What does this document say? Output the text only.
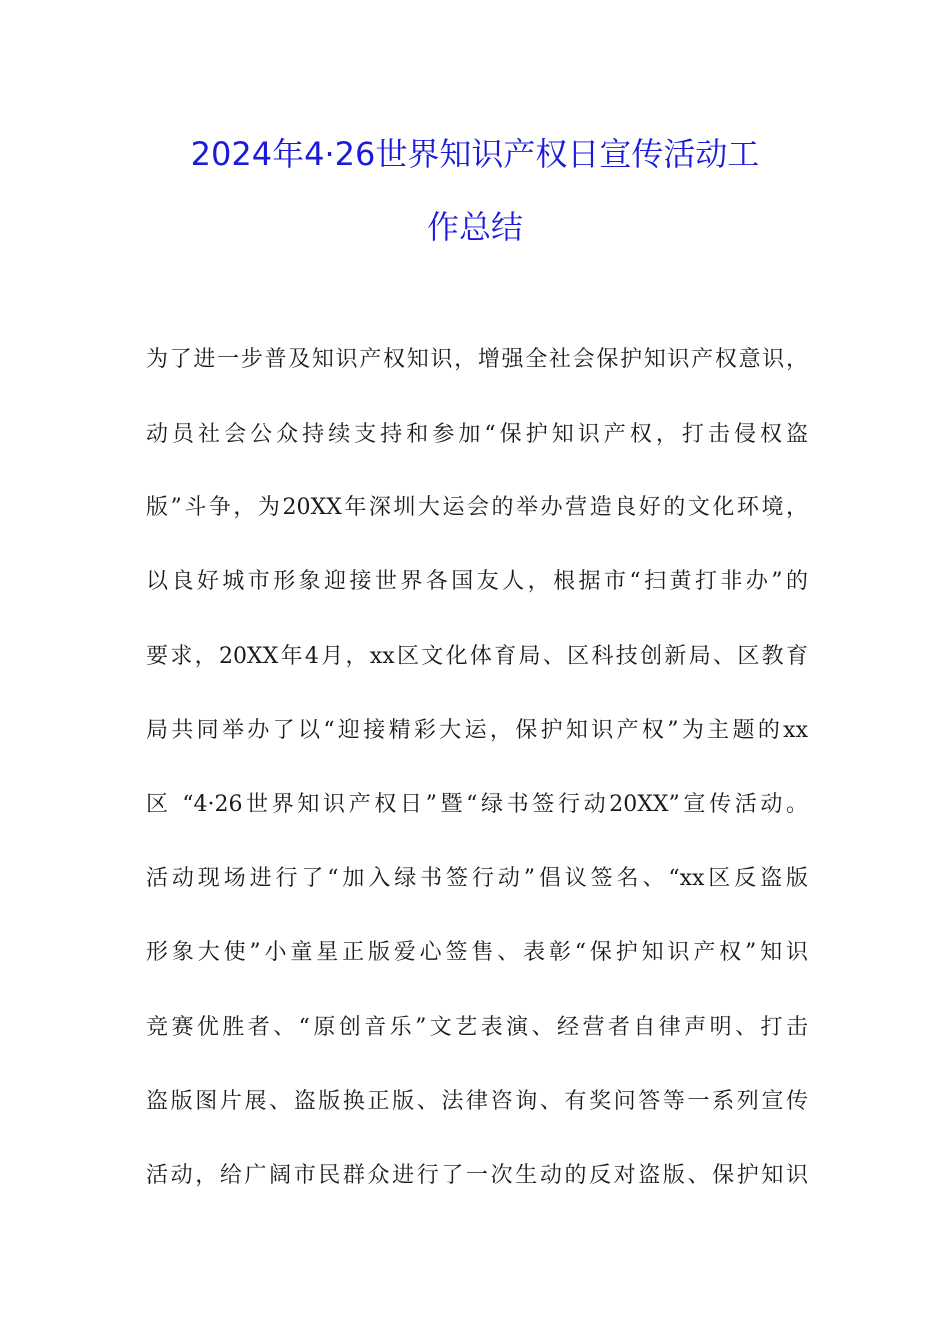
2024年4·26世界知识产权日宣传活动工
作总结
为了进一步普及知识产权知识，增强全社会保护知识产权意识，
动员社会公众持续支持和参加“保护知识产权，打击侵权盗
版”斗争，为20XX年深圳大运会的举办营造良好的文化环境，
以良好城市形象迎接世界各国友人，根据市“扫黄打非办”的
要求，20XX年4月，xx区文化体育局、区科技创新局、区教育
局共同举办了以“迎接精彩大运，保护知识产权”为主题的xx
区 “4·26世界知识产权日”暨“绿书签行动20XX”宣传活动。
活动现场进行了“加入绿书签行动”倡议签名、“xx区反盗版
形象大使”小童星正版爱心签售、表彰“保护知识产权”知识
竞赛优胜者、“原创音乐”文艺表演、经营者自律声明、打击
盗版图片展、盗版换正版、法律咨询、有奖问答等一系列宣传
活动，给广阔市民群众进行了一次生动的反对盗版、保护知识
